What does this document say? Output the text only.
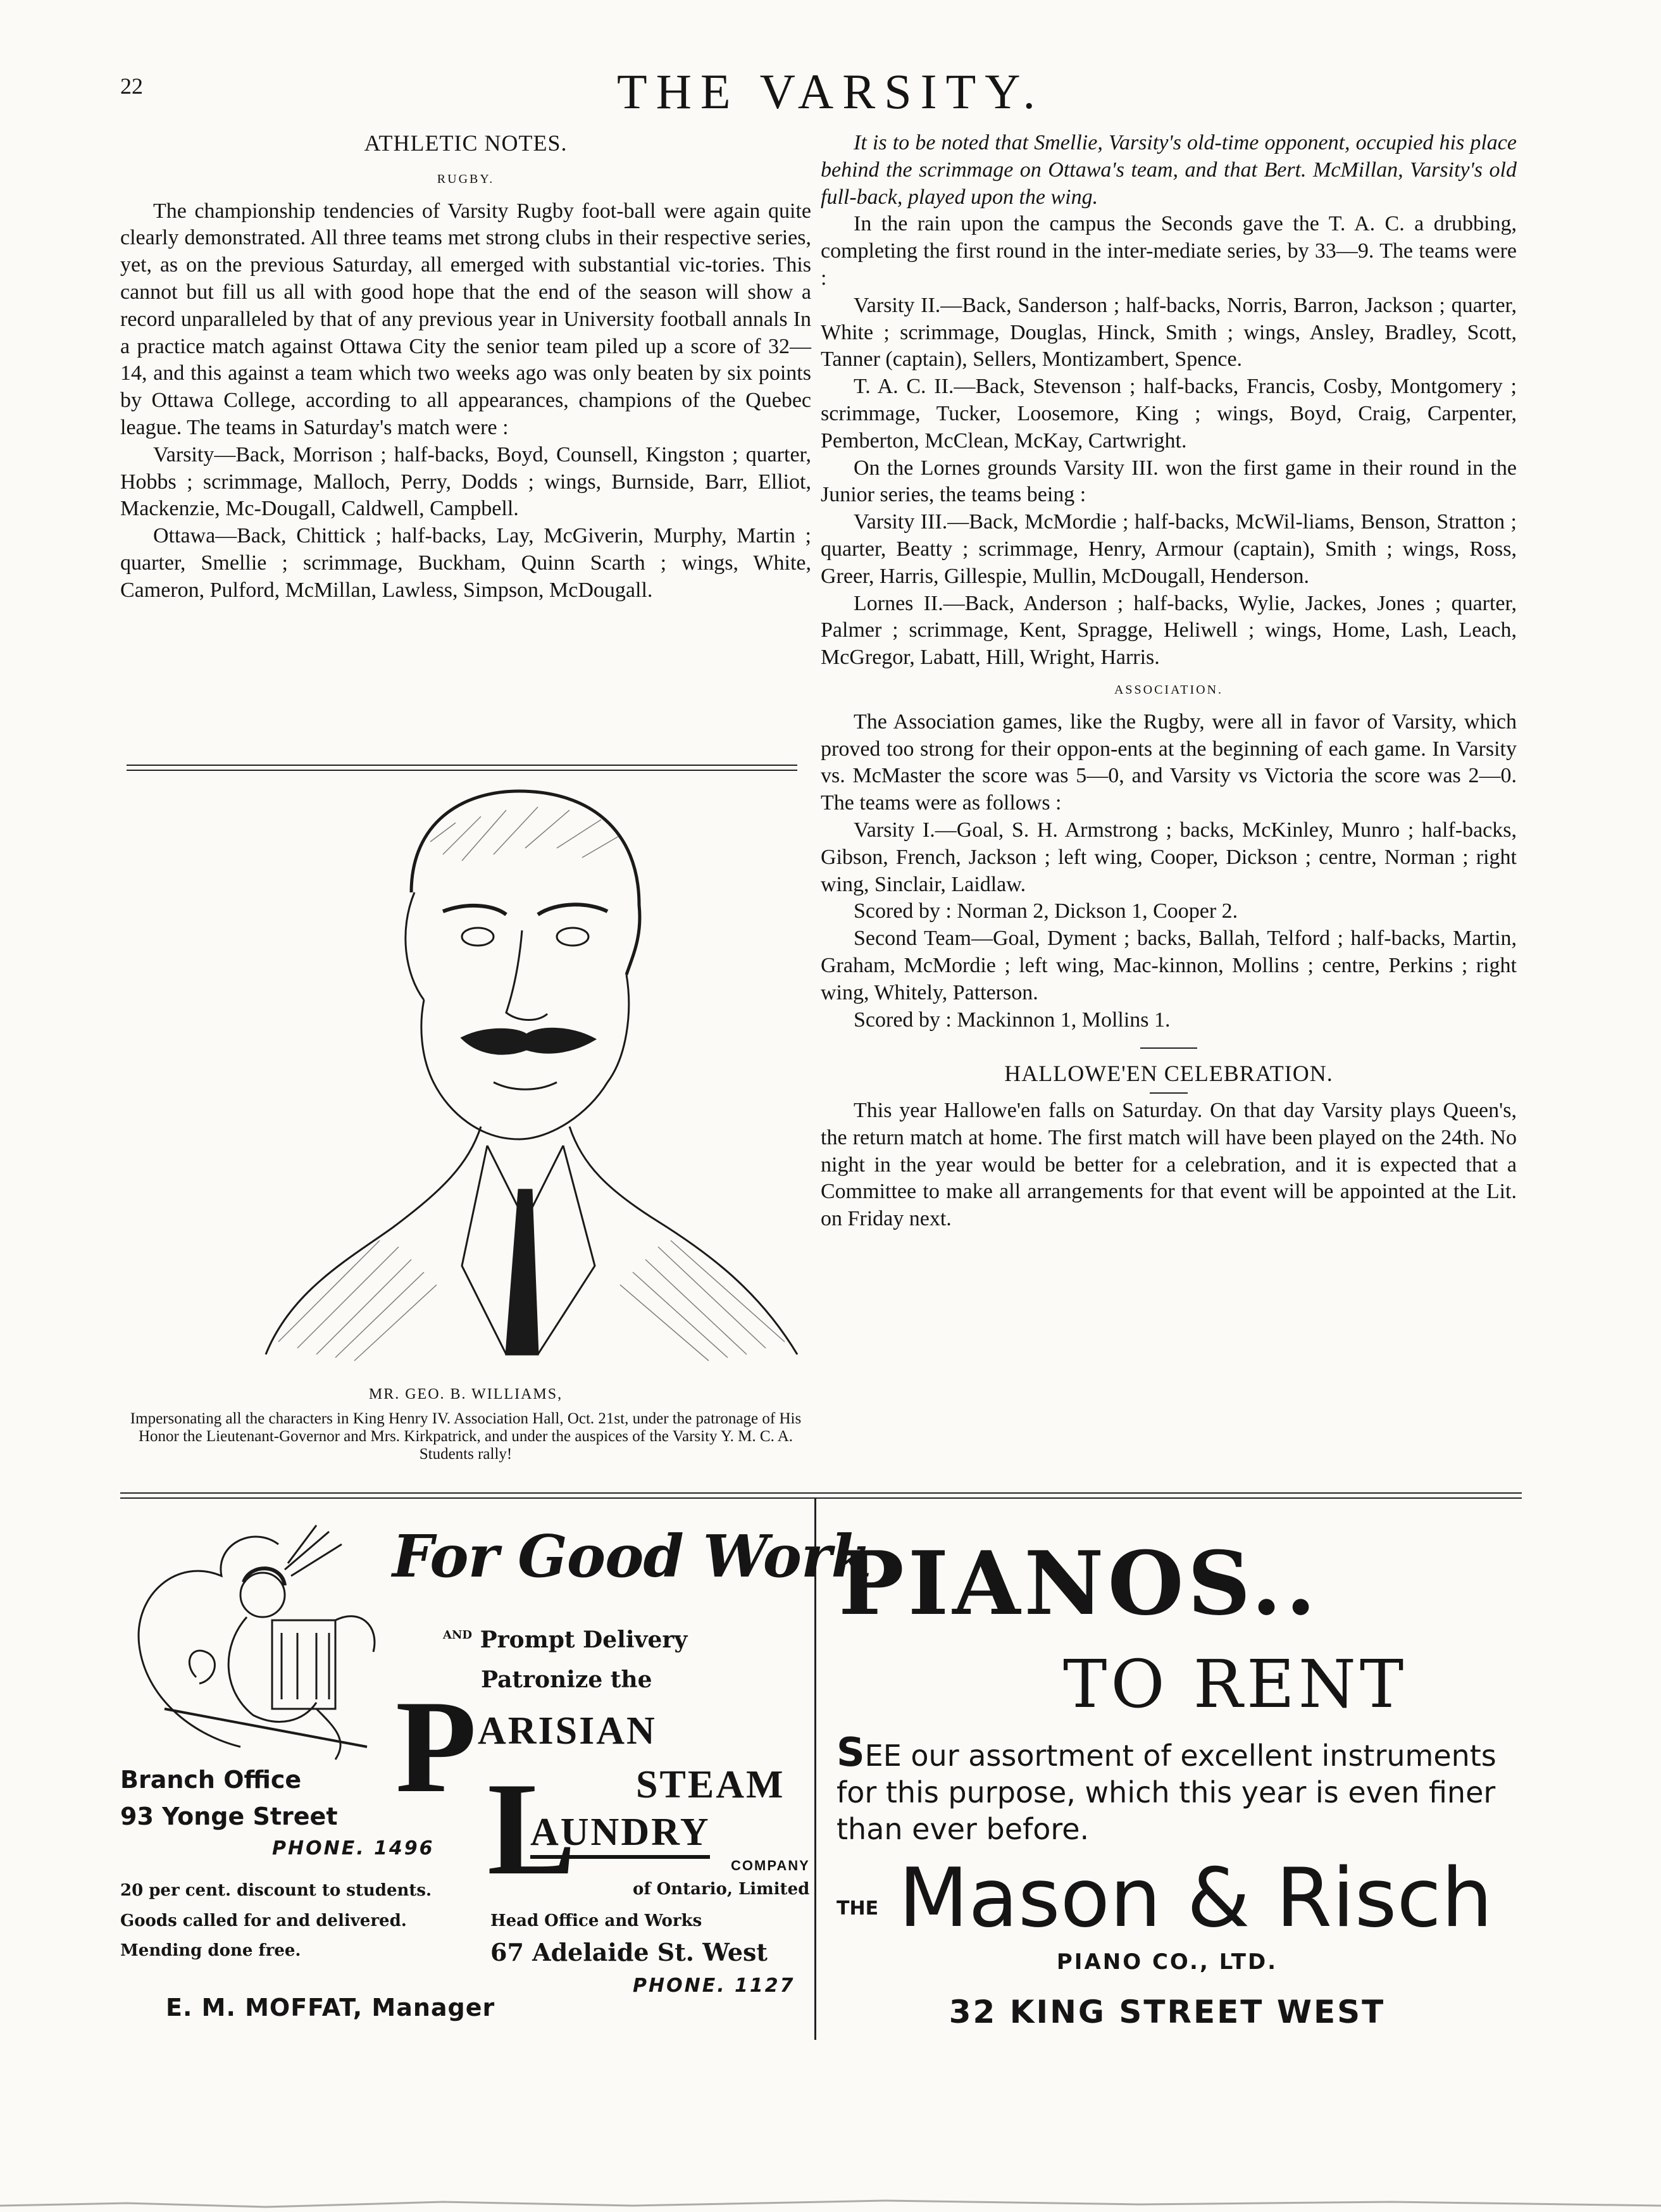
22	THE VARSITY.

ATHLETIC NOTES.

RUGBY.

The championship tendencies of Varsity Rugby foot-ball were again quite clearly demonstrated. All three teams met strong clubs in their respective series, yet, as on the previous Saturday, all emerged with substantial vic-tories. This cannot but fill us all with good hope that the end of the season will show a record unparalleled by that of any previous year in University football annals In a practice match against Ottawa City the senior team piled up a score of 32—14, and this against a team which two weeks ago was only beaten by six points by Ottawa College, according to all appearances, champions of the Quebec league. The teams in Saturday's match were :

Varsity—Back, Morrison ; half-backs, Boyd, Counsell, Kingston ; quarter, Hobbs ; scrimmage, Malloch, Perry, Dodds ; wings, Burnside, Barr, Elliot, Mackenzie, Mc-Dougall, Caldwell, Campbell.

Ottawa—Back, Chittick ; half-backs, Lay, McGiverin, Murphy, Martin ; quarter, Smellie ; scrimmage, Buckham, Quinn Scarth ; wings, White, Cameron, Pulford, McMillan, Lawless, Simpson, McDougall.

MR. GEO. B. WILLIAMS,
Impersonating all the characters in King Henry IV. Association Hall, Oct. 21st, under the patronage of His Honor the Lieutenant-Governor and Mrs. Kirkpatrick, and under the auspices of the Varsity Y. M. C. A. Students rally!

It is to be noted that Smellie, Varsity's old-time opponent, occupied his place behind the scrimmage on Ottawa's team, and that Bert. McMillan, Varsity's old full-back, played upon the wing.

In the rain upon the campus the Seconds gave the T. A. C. a drubbing, completing the first round in the inter-mediate series, by 33—9. The teams were :

Varsity II.—Back, Sanderson ; half-backs, Norris, Barron, Jackson ; quarter, White ; scrimmage, Douglas, Hinck, Smith ; wings, Ansley, Bradley, Scott, Tanner (captain), Sellers, Montizambert, Spence.

T. A. C. II.—Back, Stevenson ; half-backs, Francis, Cosby, Montgomery ; scrimmage, Tucker, Loosemore, King ; wings, Boyd, Craig, Carpenter, Pemberton, McClean, McKay, Cartwright.

On the Lornes grounds Varsity III. won the first game in their round in the Junior series, the teams being :

Varsity III.—Back, McMordie ; half-backs, McWil-liams, Benson, Stratton ; quarter, Beatty ; scrimmage, Henry, Armour (captain), Smith ; wings, Ross, Greer, Harris, Gillespie, Mullin, McDougall, Henderson.

Lornes II.—Back, Anderson ; half-backs, Wylie, Jackes, Jones ; quarter, Palmer ; scrimmage, Kent, Spragge, Heliwell ; wings, Home, Lash, Leach, McGregor, Labatt, Hill, Wright, Harris.

ASSOCIATION.

The Association games, like the Rugby, were all in favor of Varsity, which proved too strong for their oppon-ents at the beginning of each game. In Varsity vs. McMaster the score was 5—0, and Varsity vs Victoria the score was 2—0. The teams were as follows :

Varsity I.—Goal, S. H. Armstrong ; backs, McKinley, Munro ; half-backs, Gibson, French, Jackson ; left wing, Cooper, Dickson ; centre, Norman ; right wing, Sinclair, Laidlaw.

Scored by : Norman 2, Dickson 1, Cooper 2.

Second Team—Goal, Dyment ; backs, Ballah, Telford ; half-backs, Martin, Graham, McMordie ; left wing, Mac-kinnon, Mollins ; centre, Perkins ; right wing, Whitely, Patterson.

Scored by : Mackinnon 1, Mollins 1.

HALLOWE'EN CELEBRATION.

This year Hallowe'en falls on Saturday. On that day Varsity plays Queen's, the return match at home. The first match will have been played on the 24th. No night in the year would be better for a celebration, and it is expected that a Committee to make all arrangements for that event will be appointed at the Lit. on Friday next.

For Good Work
$^{AND}$ Prompt Delivery
Patronize the
P ARISIAN
STEAM
L
AUNDRY
COMPANY
of Ontario, Limited
Branch Office
93 Yonge Street
PHONE. 1496
20 per cent. discount to students.
Goods called for and delivered.
Mending done free.
Head Office and Works
67 Adelaide St. West
PHONE. 1127
E. M. MOFFAT, Manager
PIANOS..
TO RENT
SEE our assortment of excellent instruments for this purpose, which this year is even finer than ever before.
THE Mason & Risch
PIANO CO., LTD.
32 KING STREET WEST
